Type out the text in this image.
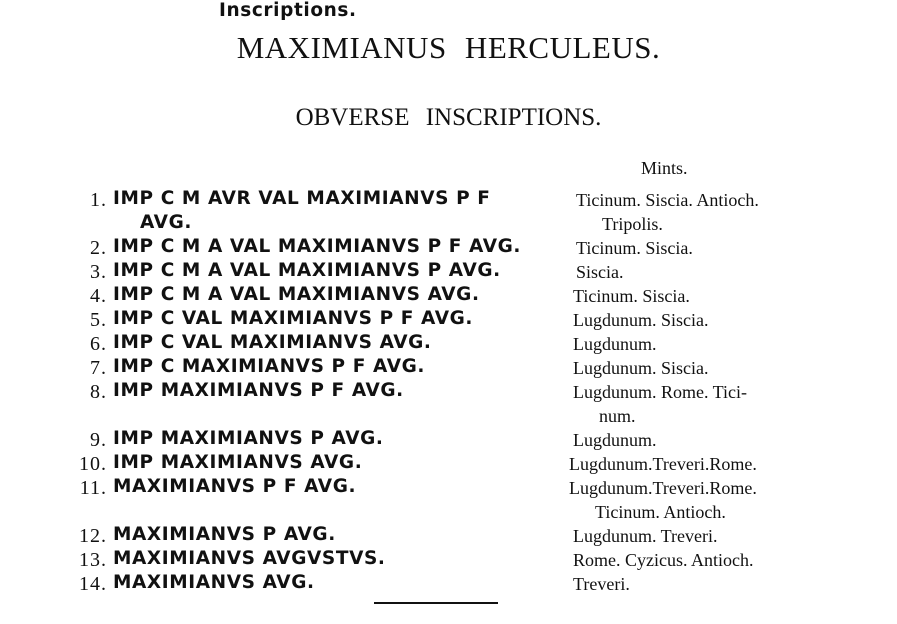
MAXIMIANUS HERCULEUS.
OBVERSE INSCRIPTIONS.
Inscriptions.
Mints.
1. IMP C M AVR VAL MAXIMIANVS P F	Ticinum. Siscia. Antioch.
AVG.	Tripolis.
2. IMP C M A VAL MAXIMIANVS P F AVG.	Ticinum. Siscia.
3. IMP C M A VAL MAXIMIANVS P AVG.	Siscia.
4. IMP C M A VAL MAXIMIANVS AVG.	Ticinum. Siscia.
5. IMP C VAL MAXIMIANVS P F AVG.	Lugdunum. Siscia.
6. IMP C VAL MAXIMIANVS AVG.	Lugdunum.
7. IMP C MAXIMIANVS P F AVG.	Lugdunum. Siscia.
8. IMP MAXIMIANVS P F AVG.	Lugdunum. Rome. Tici-
num.
9. IMP MAXIMIANVS P AVG.	Lugdunum.
10. IMP MAXIMIANVS AVG.	Lugdunum.Treveri.Rome.
11. MAXIMIANVS P F AVG.	Lugdunum.Treveri.Rome.
Ticinum. Antioch.
12. MAXIMIANVS P AVG.	Lugdunum. Treveri.
13. MAXIMIANVS AVGVSTVS.	Rome. Cyzicus. Antioch.
14. MAXIMIANVS AVG.	Treveri.
